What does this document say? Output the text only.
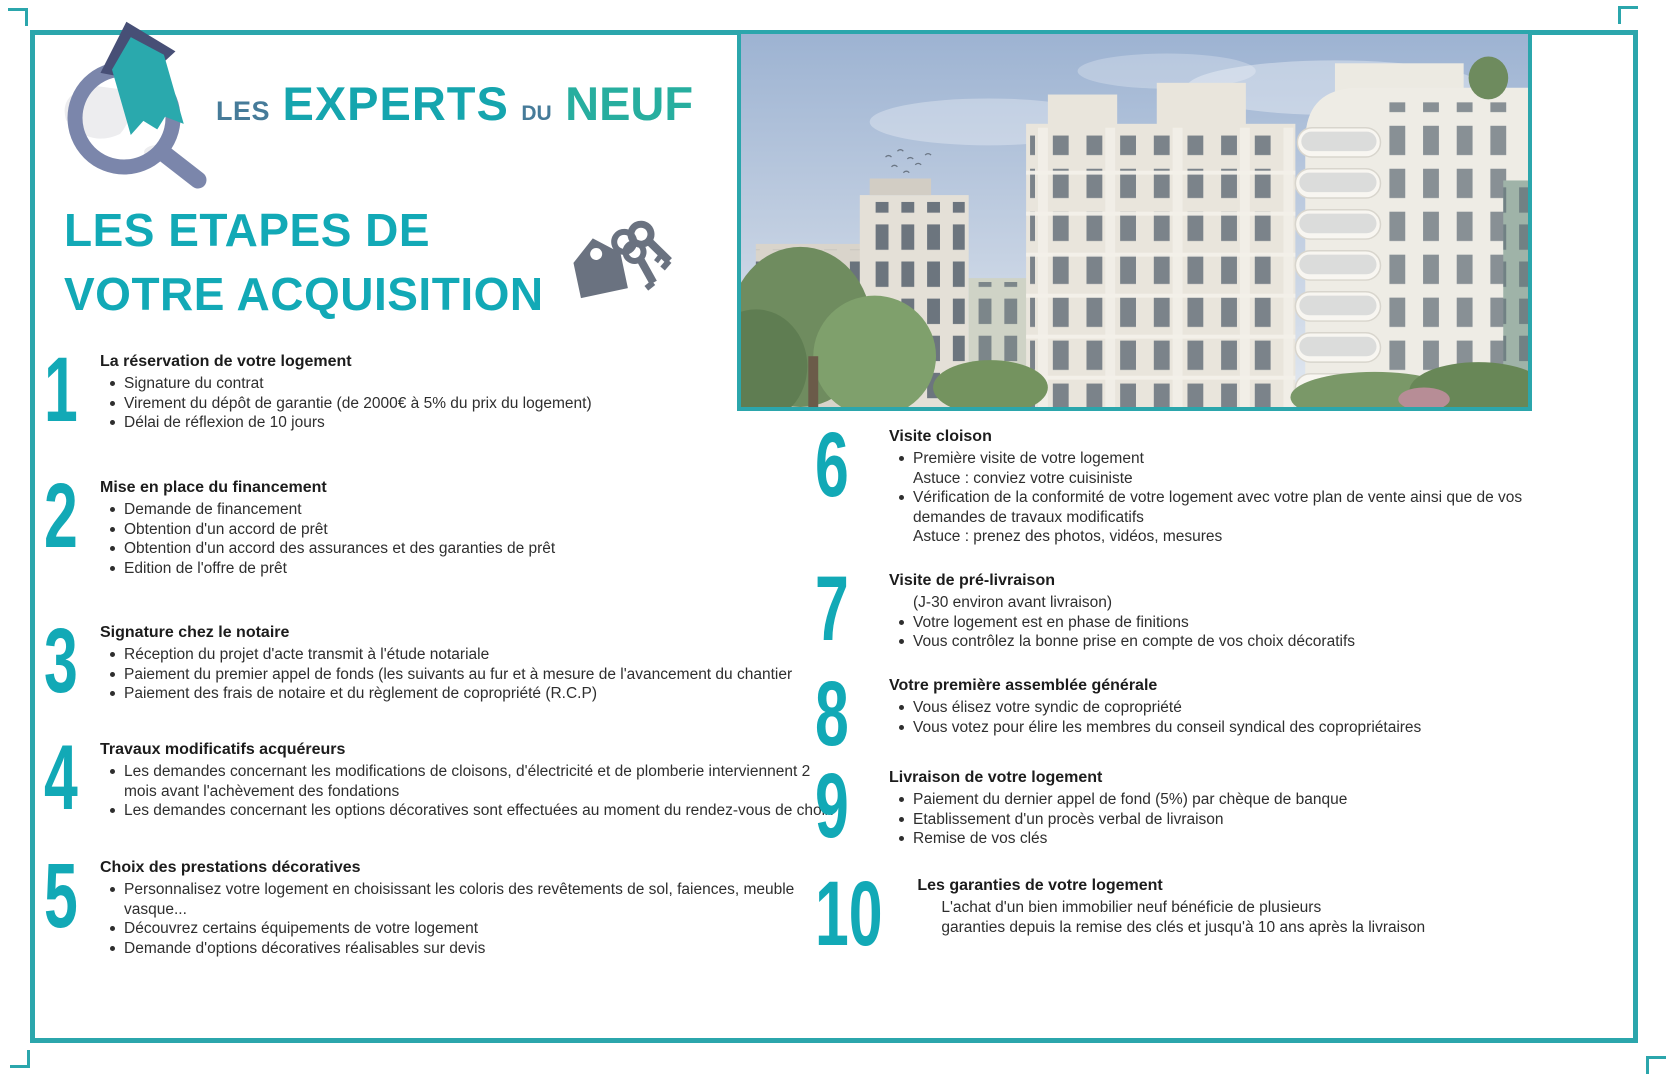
LES EXPERTS DU NEUF
LES ETAPES DE
VOTRE ACQUISITION
1 La réservation de votre logement
Signature du contrat
Virement du dépôt de garantie (de 2000€ à 5% du prix du logement)
Délai de réflexion de 10 jours
2 Mise en place du financement
Demande de financement
Obtention d'un accord de prêt
Obtention d'un accord des assurances et des garanties de prêt
Edition de l'offre de prêt
3 Signature chez le notaire
Réception du projet d'acte transmit à l'étude notariale
Paiement du premier appel de fonds (les suivants au fur et à mesure de l'avancement du chantier
Paiement des frais de notaire et du règlement de copropriété (R.C.P)
4 Travaux modificatifs acquéreurs
Les demandes concernant les modifications de cloisons, d'électricité et de plomberie interviennent 2 mois avant l'achèvement des fondations
Les demandes concernant les options décoratives sont effectuées au moment du rendez-vous de choix
5 Choix des prestations décoratives
Personnalisez votre logement en choisissant les coloris des revêtements de sol, faiences, meuble vasque...
Découvrez certains équipements de votre logement
Demande d'options décoratives réalisables sur devis
6	Visite cloison
Première visite de votre logement
Astuce : conviez votre cuisiniste
Vérification de la conformité de votre logement avec votre plan de vente ainsi que de vos demandes de travaux modificatifs
Astuce : prenez des photos, vidéos, mesures
7	Visite de pré-livraison
(J-30 environ avant livraison)
Votre logement est en phase de finitions
Vous contrôlez la bonne prise en compte de vos choix décoratifs
8	Votre première assemblée générale
Vous élisez votre syndic de copropriété
Vous votez pour élire les membres du conseil syndical des copropriétaires
9	Livraison de votre logement
Paiement du dernier appel de fond (5%) par chèque de banque
Etablissement d'un procès verbal de livraison
Remise de vos clés
10 Les garanties de votre logement
L'achat d'un bien immobilier neuf bénéficie de plusieurs
garanties depuis la remise des clés et jusqu'à 10 ans après la livraison
